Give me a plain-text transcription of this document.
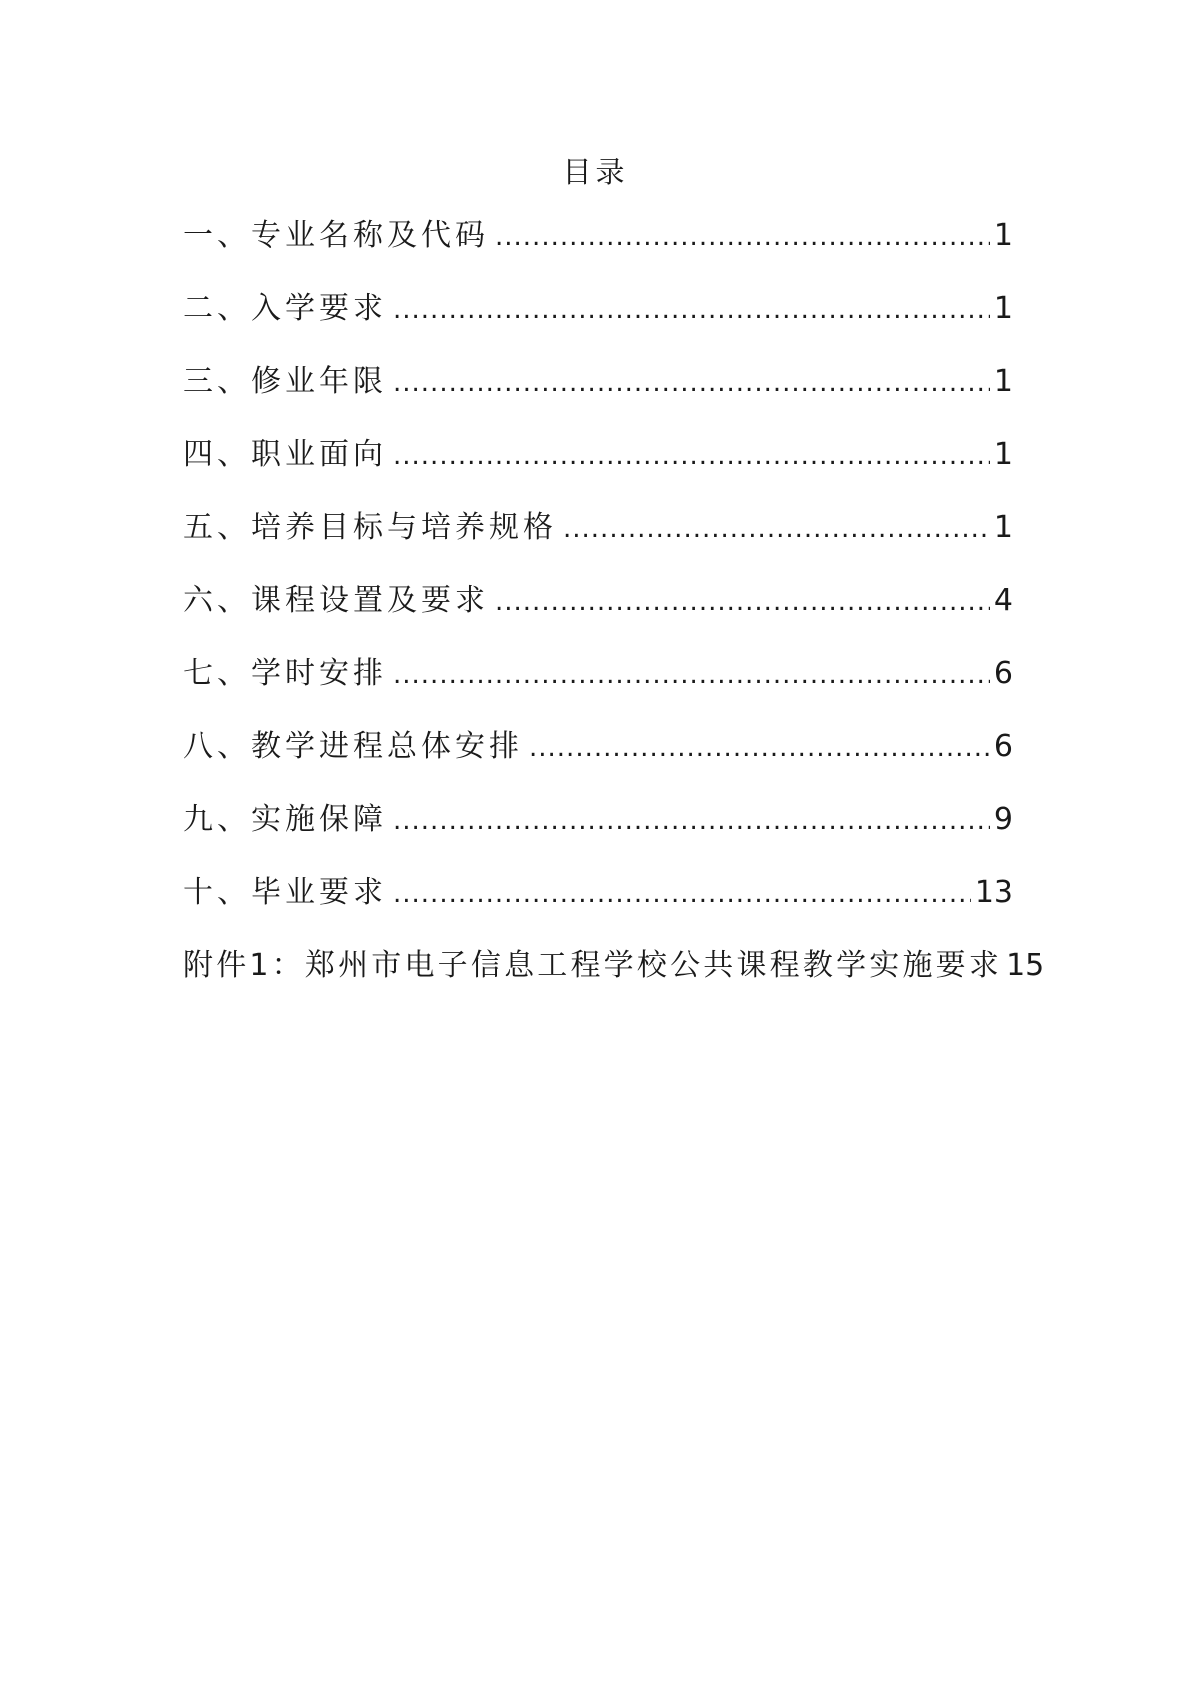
目录
一、专业名称及代码 .....	1
二、入学要求 .....	1
三、修业年限 .....	1
四、职业面向 .....	1
五、培养目标与培养规格 .....	1
六、课程设置及要求 .....	4
七、学时安排 .....	6
八、教学进程总体安排 .....	6
九、实施保障 .....	9
十、毕业要求 .....	13
附件1：郑州市电子信息工程学校公共课程教学实施要求 15
